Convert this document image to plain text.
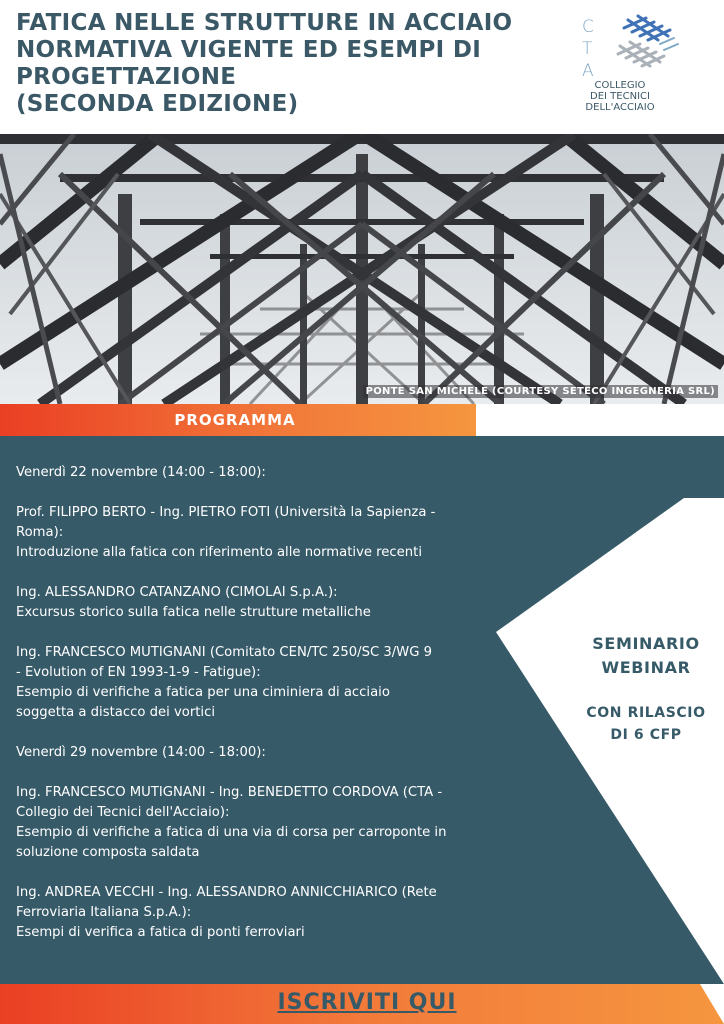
FATICA NELLE STRUTTURE IN ACCIAIO
NORMATIVA VIGENTE ED ESEMPI DI
PROGETTAZIONE
(SECONDA EDIZIONE)
C
T
A
COLLEGIO
DEI TECNICI
DELL'ACCIAIO
PONTE SAN MICHELE (COURTESY SETECO INGEGNERIA SRL)
PROGRAMMA

Venerdì 22 novembre (14:00 - 18:00):

Prof. FILIPPO BERTO - Ing. PIETRO FOTI (Università la Sapienza -

Roma):

Introduzione alla fatica con riferimento alle normative recenti

Ing. ALESSANDRO CATANZANO (CIMOLAI S.p.A.):

Excursus storico sulla fatica nelle strutture metalliche

Ing. FRANCESCO MUTIGNANI (Comitato CEN/TC 250/SC 3/WG 9

- Evolution of EN 1993-1-9 - Fatigue):

Esempio di verifiche a fatica per una ciminiera di acciaio

soggetta a distacco dei vortici

Venerdì 29 novembre (14:00 - 18:00):

Ing. FRANCESCO MUTIGNANI - Ing. BENEDETTO CORDOVA (CTA -

Collegio dei Tecnici dell'Acciaio):

Esempio di verifiche a fatica di una via di corsa per carroponte in

soluzione composta saldata

Ing. ANDREA VECCHI - Ing. ALESSANDRO ANNICCHIARICO (Rete

Ferroviaria Italiana S.p.A.):

Esempi di verifica a fatica di ponti ferroviari

SEMINARIO
WEBINAR
CON RILASCIO
DI 6 CFP
ISCRIVITI QUI
